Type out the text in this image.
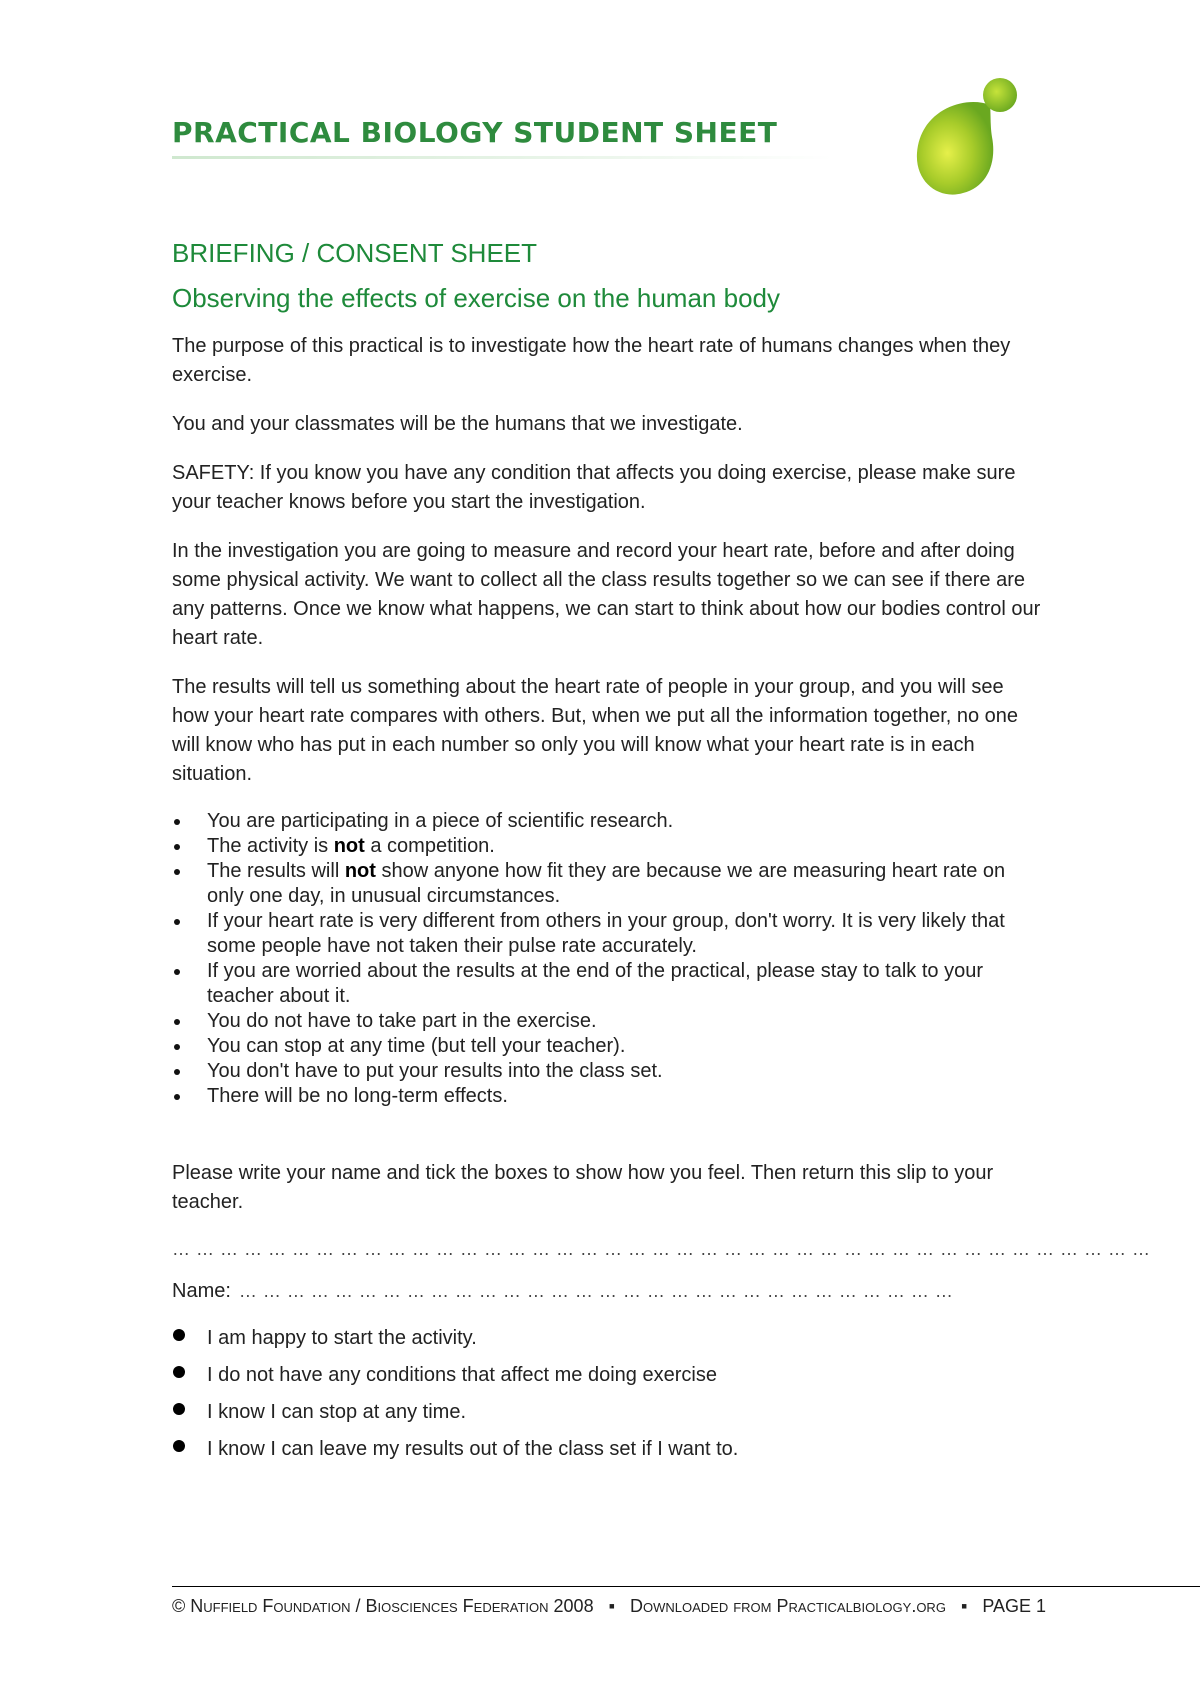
PRACTICAL BIOLOGY STUDENT SHEET
BRIEFING / CONSENT SHEET
Observing the effects of exercise on the human body

The purpose of this practical is to investigate how the heart rate of humans changes when they exercise.

You and your classmates will be the humans that we investigate.

SAFETY: If you know you have any condition that affects you doing exercise, please make sure your teacher knows before you start the investigation.

In the investigation you are going to measure and record your heart rate, before and after doing some physical activity. We want to collect all the class results together so we can see if there are any patterns. Once we know what happens, we can start to think about how our bodies control our heart rate.

The results will tell us something about the heart rate of people in your group, and you will see how your heart rate compares with others. But, when we put all the information together, no one will know who has put in each number so only you will know what your heart rate is in each situation.

You are participating in a piece of scientific research.
The activity is not a competition.
The results will not show anyone how fit they are because we are measuring heart rate on only one day, in unusual circumstances.
If your heart rate is very different from others in your group, don't worry. It is very likely that some people have not taken their pulse rate accurately.
If you are worried about the results at the end of the practical, please stay to talk to your teacher about it.
You do not have to take part in the exercise.
You can stop at any time (but tell your teacher).
You don't have to put your results into the class set.
There will be no long-term effects.

Please write your name and tick the boxes to show how you feel. Then return this slip to your teacher.

… … … … … … … … … … … … … … … … … … … … … … … … … … … … … … … … … … … … … … … … …
Name: … … … … … … … … … … … … … … … … … … … … … … … … … … … … … …
I am happy to start the activity.
I do not have any conditions that affect me doing exercise
I know I can stop at any time.
I know I can leave my results out of the class set if I want to.
© Nuffield Foundation / Biosciences Federation 2008 ▪ Downloaded from Practicalbiology.org ▪ PAGE 1
